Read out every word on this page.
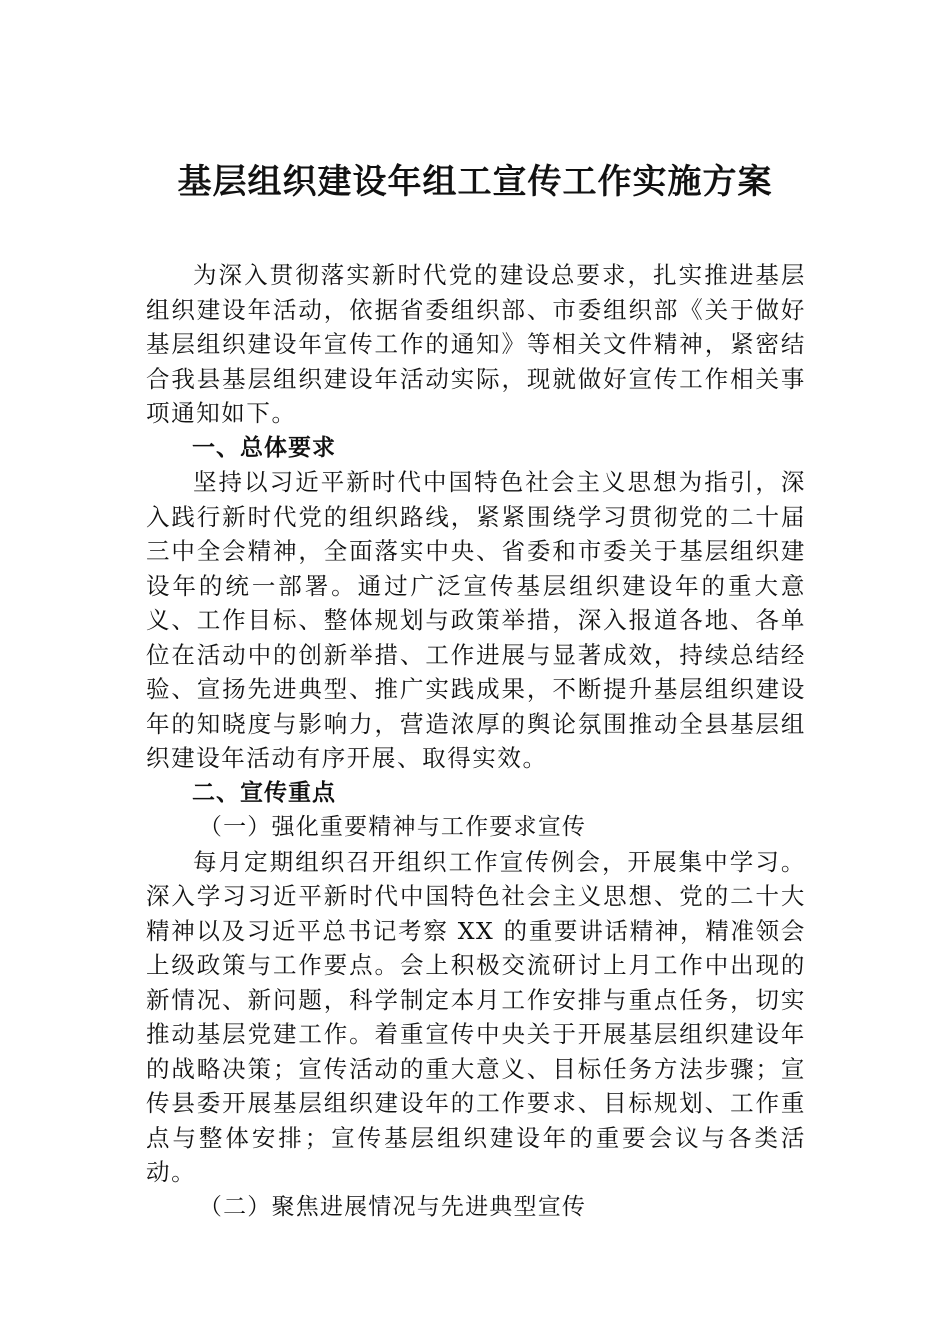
基层组织建设年组工宣传工作实施方案

为深入贯彻落实新时代党的建设总要求，扎实推进基层组织建设年活动，依据省委组织部、市委组织部《关于做好基层组织建设年宣传工作的通知》等相关文件精神，紧密结合我县基层组织建设年活动实际，现就做好宣传工作相关事项通知如下。

一、总体要求

坚持以习近平新时代中国特色社会主义思想为指引，深入践行新时代党的组织路线，紧紧围绕学习贯彻党的二十届三中全会精神，全面落实中央、省委和市委关于基层组织建设年的统一部署。通过广泛宣传基层组织建设年的重大意义、工作目标、整体规划与政策举措，深入报道各地、各单位在活动中的创新举措、工作进展与显著成效，持续总结经验、宣扬先进典型、推广实践成果，不断提升基层组织建设年的知晓度与影响力，营造浓厚的舆论氛围推动全县基层组织建设年活动有序开展、取得实效。

二、宣传重点

（一）强化重要精神与工作要求宣传

每月定期组织召开组织工作宣传例会，开展集中学习。深入学习习近平新时代中国特色社会主义思想、党的二十大精神以及习近平总书记考察 XX 的重要讲话精神，精准领会上级政策与工作要点。会上积极交流研讨上月工作中出现的新情况、新问题，科学制定本月工作安排与重点任务，切实推动基层党建工作。着重宣传中央关于开展基层组织建设年的战略决策；宣传活动的重大意义、目标任务方法步骤；宣传县委开展基层组织建设年的工作要求、目标规划、工作重点与整体安排；宣传基层组织建设年的重要会议与各类活动。

（二）聚焦进展情况与先进典型宣传
